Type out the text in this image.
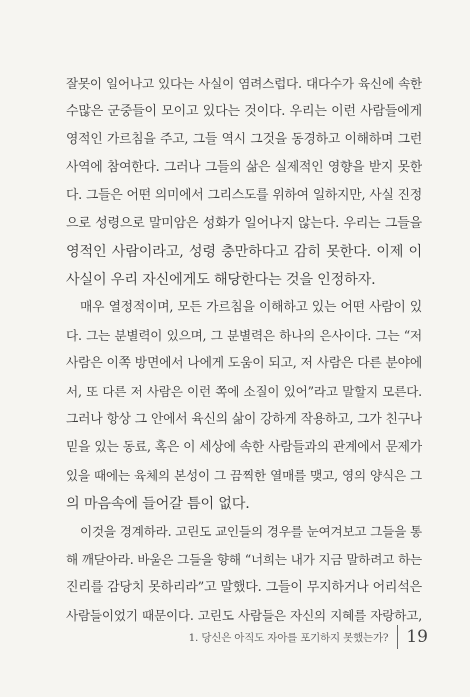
잘못이 일어나고 있다는 사실이 염려스럽다. 대다수가 육신에 속한
수많은 군중들이 모이고 있다는 것이다. 우리는 이런 사람들에게
영적인 가르침을 주고, 그들 역시 그것을 동경하고 이해하며 그런
사역에 참여한다. 그러나 그들의 삶은 실제적인 영향을 받지 못한
다. 그들은 어떤 의미에서 그리스도를 위하여 일하지만, 사실 진정
으로 성령으로 말미암은 성화가 일어나지 않는다. 우리는 그들을
영적인 사람이라고, 성령 충만하다고 감히 못한다. 이제 이
사실이 우리 자신에게도 해당한다는 것을 인정하자.
매우 열정적이며, 모든 가르침을 이해하고 있는 어떤 사람이 있
다. 그는 분별력이 있으며, 그 분별력은 하나의 은사이다. 그는 “저
사람은 이쪽 방면에서 나에게 도움이 되고, 저 사람은 다른 분야에
서, 또 다른 저 사람은 이런 쪽에 소질이 있어”라고 말할지 모른다.
그러나 항상 그 안에서 육신의 삶이 강하게 작용하고, 그가 친구나
믿을 있는 동료, 혹은 이 세상에 속한 사람들과의 관계에서 문제가
있을 때에는 육체의 본성이 그 끔찍한 열매를 맺고, 영의 양식은 그
의 마음속에 들어갈 틈이 없다.
이것을 경계하라. 고린도 교인들의 경우를 눈여겨보고 그들을 통
해 깨닫아라. 바울은 그들을 향해 “너희는 내가 지금 말하려고 하는
진리를 감당치 못하리라”고 말했다. 그들이 무지하거나 어리석은
사람들이었기 때문이다. 고린도 사람들은 자신의 지혜를 자랑하고,
1. 당신은 아직도 자아를 포기하지 못했는가? 19
